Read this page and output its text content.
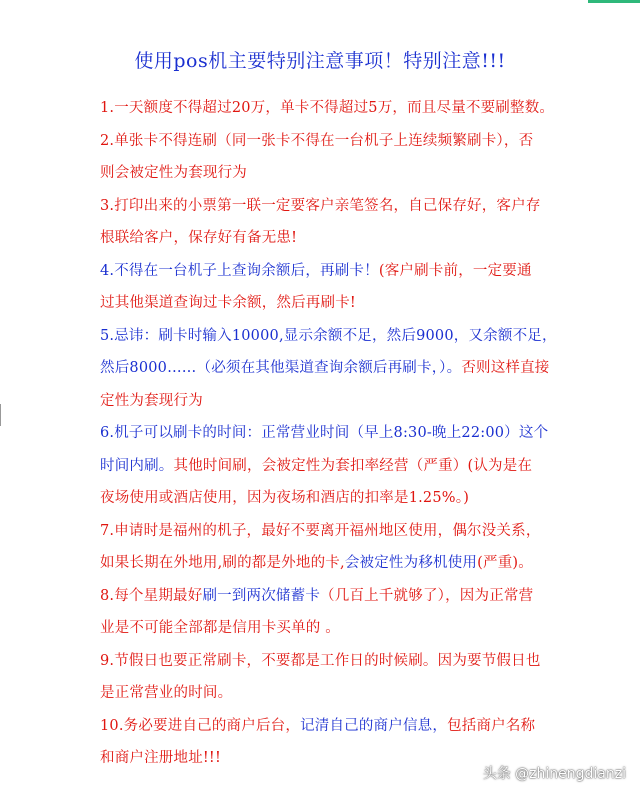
使用pos机主要特别注意事项！特别注意!!!
1.一天额度不得超过20万，单卡不得超过5万，而且尽量不要刷整数。
2.单张卡不得连刷（同一张卡不得在一台机子上连续频繁刷卡），否
则会被定性为套现行为
3.打印出来的小票第一联一定要客户亲笔签名，自己保存好，客户存
根联给客户，保存好有备无患!
4.不得在一台机子上查询余额后，再刷卡！(客户刷卡前，一定要通
过其他渠道查询过卡余额，然后再刷卡!
5.忌讳：刷卡时输入10000,显示余额不足，然后9000，又余额不足，
然后8000……（必须在其他渠道查询余额后再刷卡，）。否则这样直接
定性为套现行为
6.机子可以刷卡的时间：正常营业时间（早上8:30-晚上22:00）这个
时间内刷。其他时间刷，会被定性为套扣率经营（严重）(认为是在
夜场使用或酒店使用，因为夜场和酒店的扣率是1.25%。)
7.申请时是福州的机子，最好不要离开福州地区使用，偶尔没关系，
如果长期在外地用,刷的都是外地的卡,会被定性为移机使用(严重)。
8.每个星期最好刷一到两次储蓄卡（几百上千就够了），因为正常营
业是不可能全部都是信用卡买单的 。
9.节假日也要正常刷卡，不要都是工作日的时候刷。因为要节假日也
是正常营业的时间。
10.务必要进自己的商户后台，记清自己的商户信息，包括商户名称
和商户注册地址!!!
头条 @zhinengdianzi
